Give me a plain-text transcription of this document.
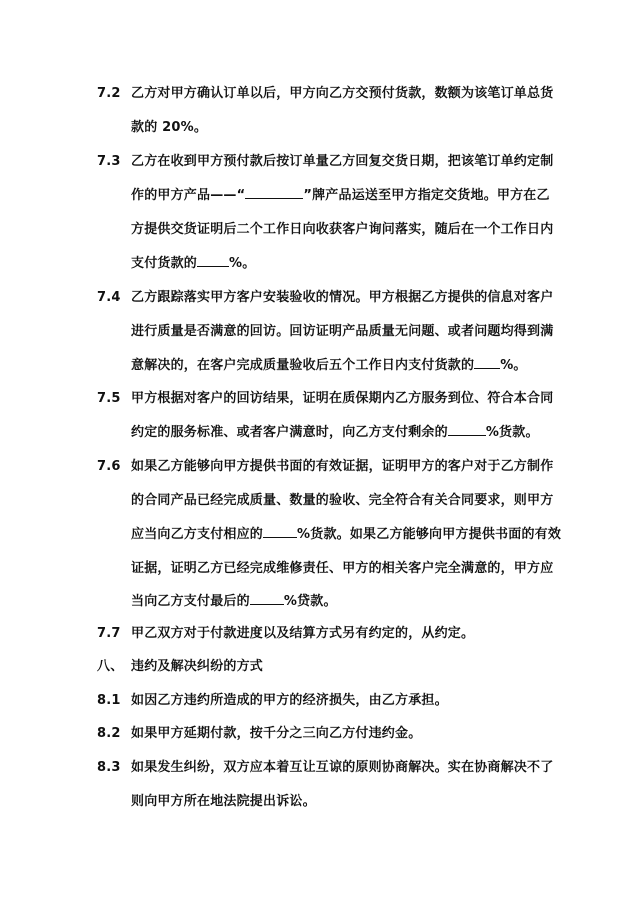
7.2 乙方对甲方确认订单以后，甲方向乙方交预付货款，数额为该笔订单总货
款的 20%。
7.3 乙方在收到甲方预付款后按订单量乙方回复交货日期，把该笔订单约定制
作的甲方产品——“	”牌产品运送至甲方指定交货地。甲方在乙
方提供交货证明后二个工作日向收获客户询问落实，随后在一个工作日内
支付货款的 %。
7.4 乙方跟踪落实甲方客户安装验收的情况。甲方根据乙方提供的信息对客户
进行质量是否满意的回访。回访证明产品质量无问题、或者问题均得到满
意解决的，在客户完成质量验收后五个工作日内支付货款的 %。
7.5 甲方根据对客户的回访结果，证明在质保期内乙方服务到位、符合本合同
约定的服务标准、或者客户满意时，向乙方支付剩余的	%货款。
7.6 如果乙方能够向甲方提供书面的有效证据，证明甲方的客户对于乙方制作
的合同产品已经完成质量、数量的验收、完全符合有关合同要求，则甲方
应当向乙方支付相应的	%货款。如果乙方能够向甲方提供书面的有效
证据，证明乙方已经完成维修责任、甲方的相关客户完全满意的，甲方应
当向乙方支付最后的	%贷款。
7.7 甲乙双方对于付款进度以及结算方式另有约定的，从约定。
八、 违约及解决纠纷的方式
8.1 如因乙方违约所造成的甲方的经济损失，由乙方承担。
8.2 如果甲方延期付款，按千分之三向乙方付违约金。
8.3 如果发生纠纷，双方应本着互让互谅的原则协商解决。实在协商解决不了
则向甲方所在地法院提出诉讼。
